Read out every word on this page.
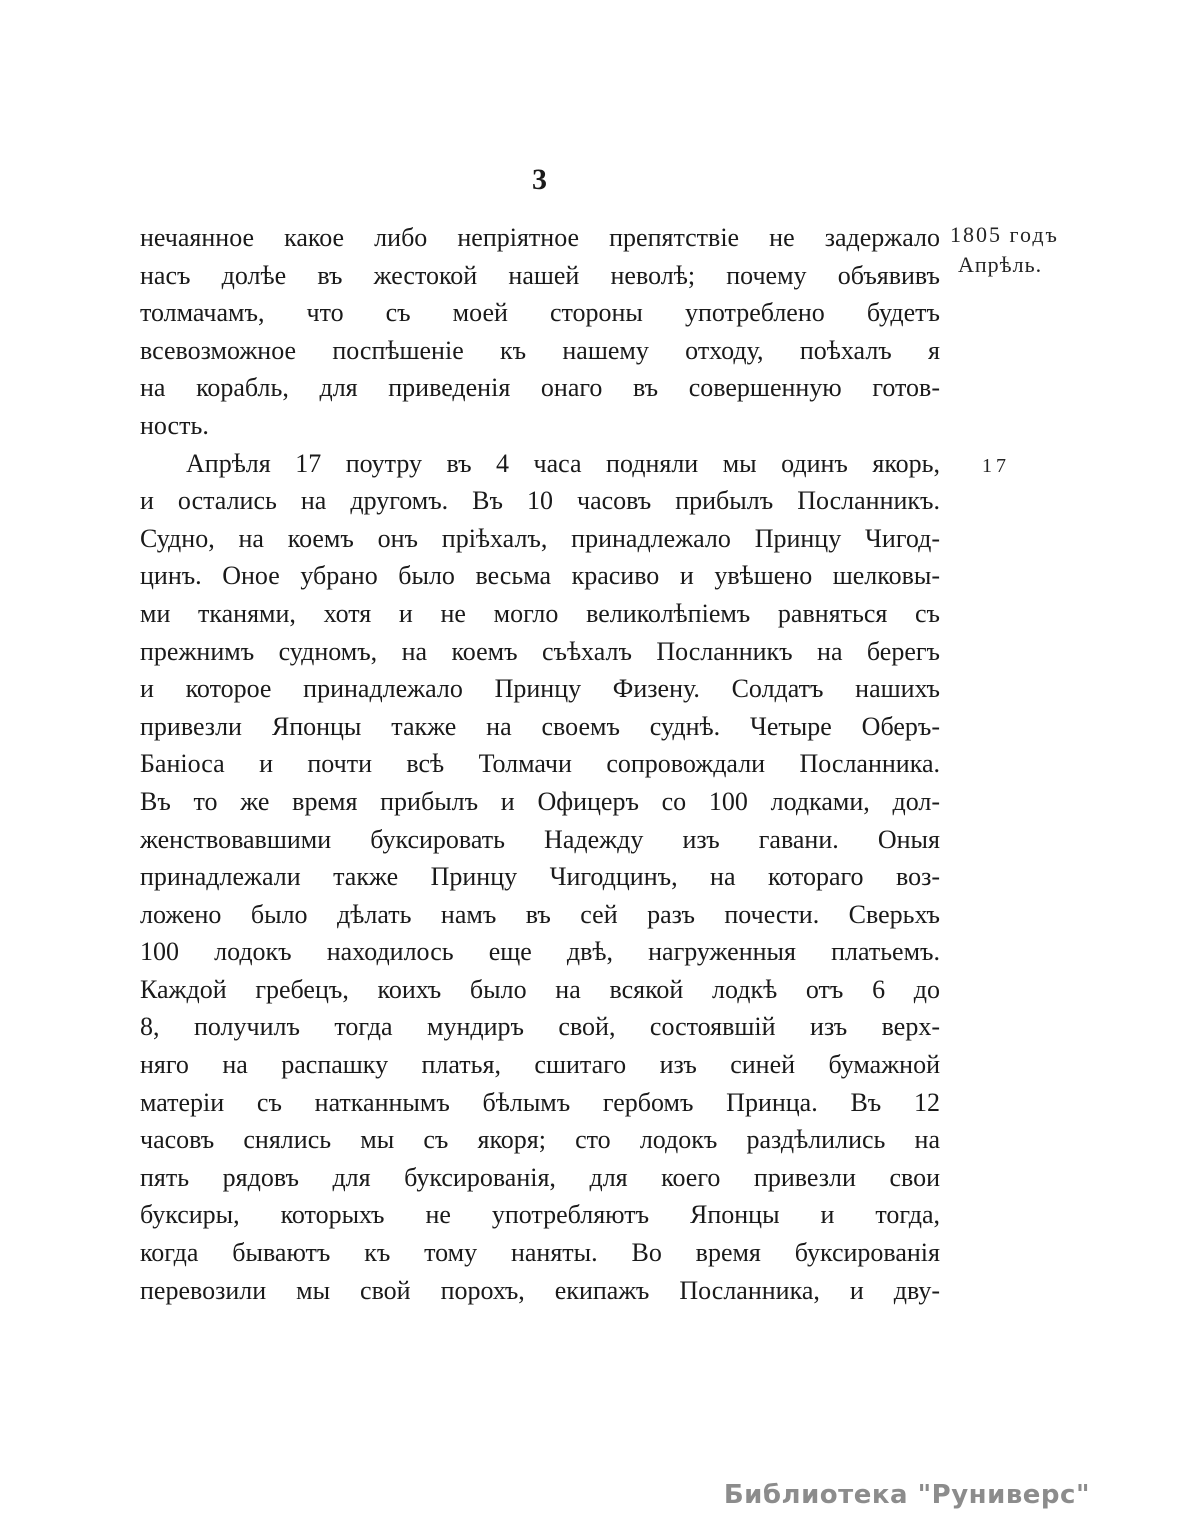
3
1805 годъ
Апрѣль.
17
нечаянное какое либо непріятное препятствіе не задержало
насъ долѣе въ жестокой нашей неволѣ; почему объявивъ
толмачамъ, что съ моей стороны употреблено будетъ
всевозможное поспѣшеніе къ нашему отходу, поѣхалъ я
на корабль, для приведенія онаго въ совершенную готов-
ность.
Апрѣля 17 поутру въ 4 часа подняли мы одинъ якорь,
и остались на другомъ. Въ 10 часовъ прибылъ Посланникъ.
Судно, на коемъ онъ пріѣхалъ, принадлежало Принцу Чигод-
цинъ. Оное убрано было весьма красиво и увѣшено шелковы-
ми тканями, хотя и не могло великолѣпіемъ равняться съ
прежнимъ судномъ, на коемъ съѣхалъ Посланникъ на берегъ
и которое принадлежало Принцу Физену. Солдатъ нашихъ
привезли Японцы также на своемъ суднѣ. Четыре Оберъ-
Баніоса и почти всѣ Толмачи сопровождали Посланника.
Въ то же время прибылъ и Офицеръ со 100 лодками, дол-
женствовавшими буксировать Надежду изъ гавани. Оныя
принадлежали также Принцу Чигодцинъ, на котораго воз-
ложено было дѣлать намъ въ сей разъ почести. Сверьхъ
100 лодокъ находилось еще двѣ, нагруженныя платьемъ.
Каждой гребецъ, коихъ было на всякой лодкѣ отъ 6 до
8, получилъ тогда мундиръ свой, состоявшій изъ верх-
няго на распашку платья, сшитаго изъ синей бумажной
матеріи съ натканнымъ бѣлымъ гербомъ Принца. Въ 12
часовъ снялись мы съ якоря; сто лодокъ раздѣлились на
пять рядовъ для буксированія, для коего привезли свои
буксиры, которыхъ не употребляютъ Японцы и тогда,
когда бываютъ къ тому наняты. Во время буксированія
перевозили мы свой порохъ, екипажъ Посланника, и дву-
Библиотека "Руниверс"
